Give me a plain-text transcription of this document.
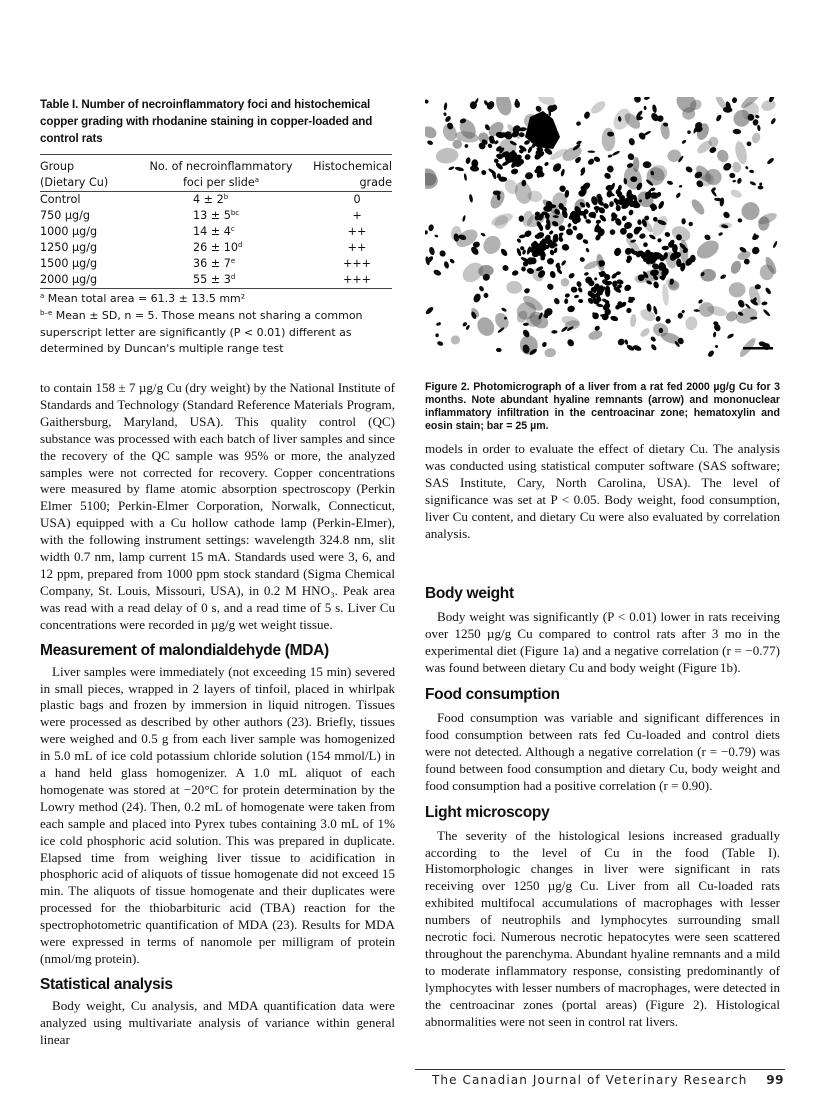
Table I. Number of necroinflammatory foci and histochemical copper grading with rhodanine staining in copper-loaded and control rats

Group	No. of necroinflammatory	Histochemical
(Dietary Cu)	foci per slide$^a$	grade
Control	$4 \pm 2^b$	0
750 µg/g	$13 \pm 5^{bc}$	+
1000 µg/g	$14 \pm 4^c$	++
1250 µg/g	$26 \pm 10^d$	++
1500 µg/g	$36 \pm 7^e$	+++
2000 µg/g	$55 \pm 3^d$	+++

$^a$ Mean total area = 61.3 ± 13.5 mm²

$^{b-e}$ Mean ± SD, n = 5. Those means not sharing a common superscript letter are significantly (P < 0.01) different as determined by Duncan's multiple range test

to contain 158 ± 7 µg/g Cu (dry weight) by the National Institute of Standards and Technology (Standard Reference Materials Program, Gaithersburg, Maryland, USA). This quality control (QC) substance was processed with each batch of liver samples and since the recovery of the QC sample was 95% or more, the analyzed samples were not corrected for recovery. Copper concentrations were measured by flame atomic absorption spectroscopy (Perkin Elmer 5100; Perkin-Elmer Corporation, Norwalk, Connecticut, USA) equipped with a Cu hollow cathode lamp (Perkin-Elmer), with the following instrument settings: wavelength 324.8 nm, slit width 0.7 nm, lamp current 15 mA. Standards used were 3, 6, and 12 ppm, prepared from 1000 ppm stock standard (Sigma Chemical Company, St. Louis, Missouri, USA), in 0.2 M HNO₃. Peak area was read with a read delay of 0 s, and a read time of 5 s. Liver Cu concentrations were recorded in µg/g wet weight tissue.

Measurement of malondialdehyde (MDA)

Liver samples were immediately (not exceeding 15 min) severed in small pieces, wrapped in 2 layers of tinfoil, placed in whirlpak plastic bags and frozen by immersion in liquid nitrogen. Tissues were processed as described by other authors (23). Briefly, tissues were weighed and 0.5 g from each liver sample was homogenized in 5.0 mL of ice cold potassium chloride solution (154 mmol/L) in a hand held glass homogenizer. A 1.0 mL aliquot of each homogenate was stored at −20°C for protein determination by the Lowry method (24). Then, 0.2 mL of homogenate were taken from each sample and placed into Pyrex tubes containing 3.0 mL of 1% ice cold phosphoric acid solution. This was prepared in duplicate. Elapsed time from weighing liver tissue to acidification in phosphoric acid of aliquots of tissue homogenate did not exceed 15 min. The aliquots of tissue homogenate and their duplicates were processed for the thiobarbituric acid (TBA) reaction for the spectrophotometric quantification of MDA (23). Results for MDA were expressed in terms of nanomole per milligram of protein (nmol/mg protein).

Statistical analysis

Body weight, Cu analysis, and MDA quantification data were analyzed using multivariate analysis of variance within general linear

Figure 2. Photomicrograph of a liver from a rat fed 2000 µg/g Cu for 3 months. Note abundant hyaline remnants (arrow) and mononuclear inflammatory infiltration in the centroacinar zone; hematoxylin and eosin stain; bar = 25 µm.

models in order to evaluate the effect of dietary Cu. The analysis was conducted using statistical computer software (SAS software; SAS Institute, Cary, North Carolina, USA). The level of significance was set at P < 0.05. Body weight, food consumption, liver Cu content, and dietary Cu were also evaluated by correlation analysis.

Body weight

Body weight was significantly (P < 0.01) lower in rats receiving over 1250 µg/g Cu compared to control rats after 3 mo in the experimental diet (Figure 1a) and a negative correlation (r = −0.77) was found between dietary Cu and body weight (Figure 1b).

Food consumption

Food consumption was variable and significant differences in food consumption between rats fed Cu-loaded and control diets were not detected. Although a negative correlation (r = −0.79) was found between food consumption and dietary Cu, body weight and food consumption had a positive correlation (r = 0.90).

Light microscopy

The severity of the histological lesions increased gradually according to the level of Cu in the food (Table I). Histomorphologic changes in liver were significant in rats receiving over 1250 µg/g Cu. Liver from all Cu-loaded rats exhibited multifocal accumulations of macrophages with lesser numbers of neutrophils and lymphocytes surrounding small necrotic foci. Numerous necrotic hepatocytes were seen scattered throughout the parenchyma. Abundant hyaline remnants and a mild to moderate inflammatory response, consisting predominantly of lymphocytes with lesser numbers of macrophages, were detected in the centroacinar zones (portal areas) (Figure 2). Histological abnormalities were not seen in control rat livers.

The Canadian Journal of Veterinary Research 99
